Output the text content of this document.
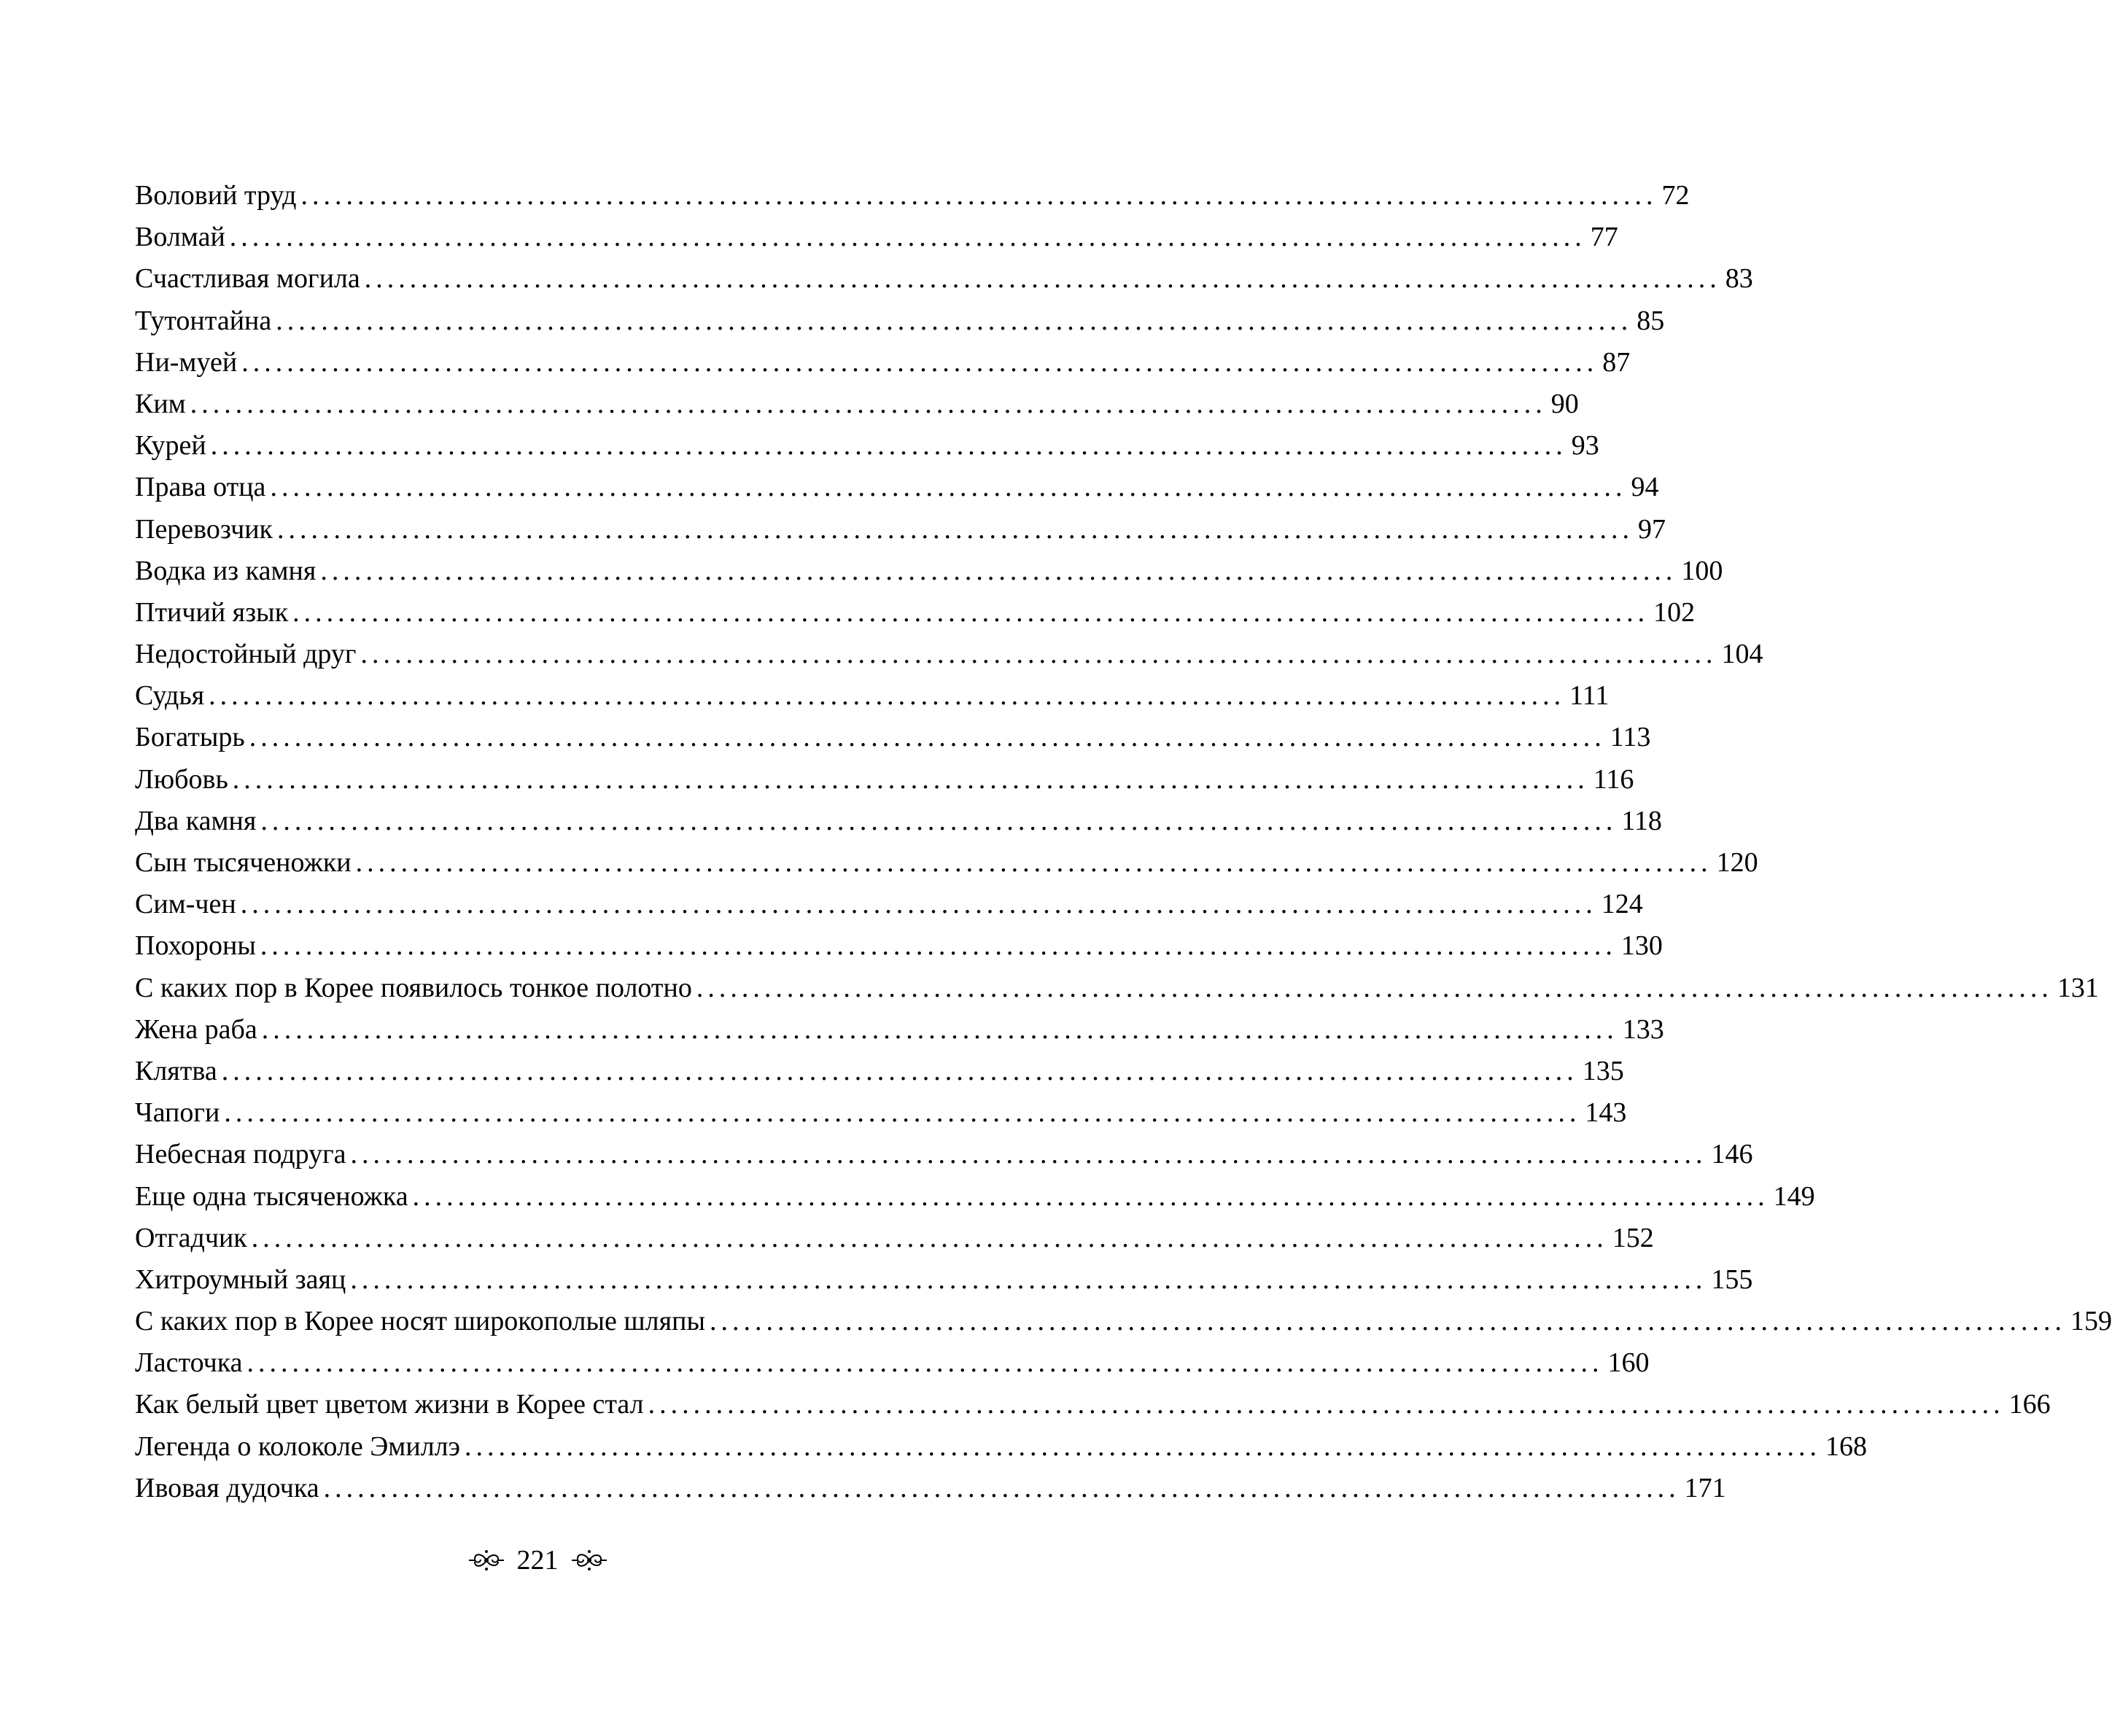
Воловий труд ........................................................................................................................ 72
Волмай ........................................................................................................................ 77
Счастливая могила ........................................................................................................................ 83
Тутонтайна ........................................................................................................................ 85
Ни-муей ........................................................................................................................ 87
Ким ........................................................................................................................ 90
Курей ........................................................................................................................ 93
Права отца ........................................................................................................................ 94
Перевозчик ........................................................................................................................ 97
Водка из камня ........................................................................................................................ 100
Птичий язык ........................................................................................................................ 102
Недостойный друг ........................................................................................................................ 104
Судья ........................................................................................................................ 111
Богатырь ........................................................................................................................ 113
Любовь ........................................................................................................................ 116
Два камня ........................................................................................................................ 118
Сын тысяченожки ........................................................................................................................ 120
Сим-чен ........................................................................................................................ 124
Похороны ........................................................................................................................ 130
С каких пор в Корее появилось тонкое полотно ........................................................................................................................ 131
Жена раба ........................................................................................................................ 133
Клятва ........................................................................................................................ 135
Чапоги ........................................................................................................................ 143
Небесная подруга ........................................................................................................................ 146
Еще одна тысяченожка ........................................................................................................................ 149
Отгадчик ........................................................................................................................ 152
Хитроумный заяц ........................................................................................................................ 155
С каких пор в Корее носят широкополые шляпы ........................................................................................................................ 159
Ласточка ........................................................................................................................ 160
Как белый цвет цветом жизни в Корее стал ........................................................................................................................ 166
Легенда о колоколе Эмиллэ ........................................................................................................................ 168
Ивовая дудочка ........................................................................................................................ 171
221
